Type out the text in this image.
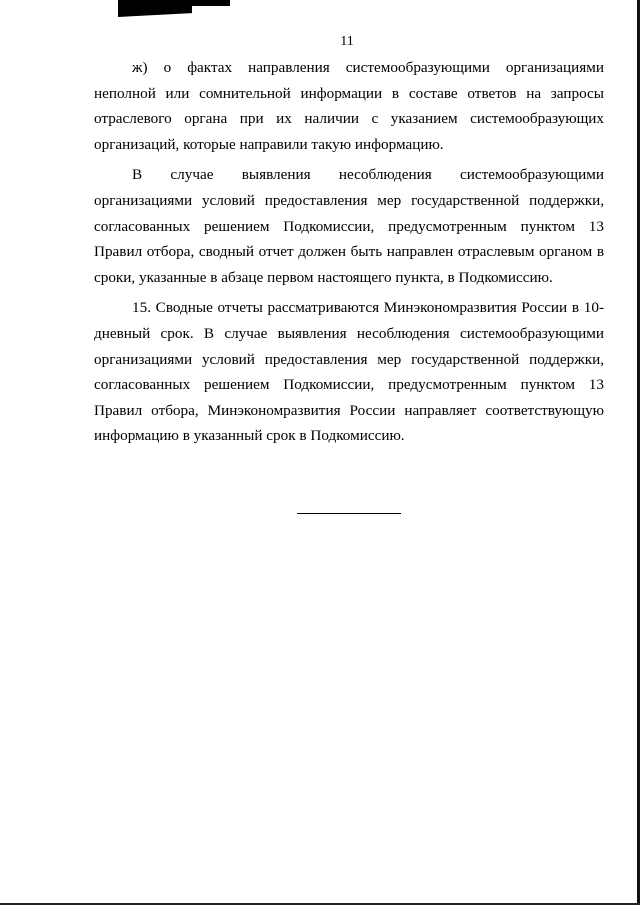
11

ж) о фактах направления системообразующими организациями неполной или сомнительной информации в составе ответов на запросы отраслевого органа при их наличии с указанием системообразующих организаций, которые направили такую информацию.

В случае выявления несоблюдения системообразующими организациями условий предоставления мер государственной поддержки, согласованных решением Подкомиссии, предусмотренным пунктом 13 Правил отбора, сводный отчет должен быть направлен отраслевым органом в сроки, указанные в абзаце первом настоящего пункта, в Подкомиссию.

15. Сводные отчеты рассматриваются Минэкономразвития России в 10-дневный срок. В случае выявления несоблюдения системообразующими организациями условий предоставления мер государственной поддержки, согласованных решением Подкомиссии, предусмотренным пунктом 13 Правил отбора, Минэкономразвития России направляет соответствующую информацию в указанный срок в Подкомиссию.
